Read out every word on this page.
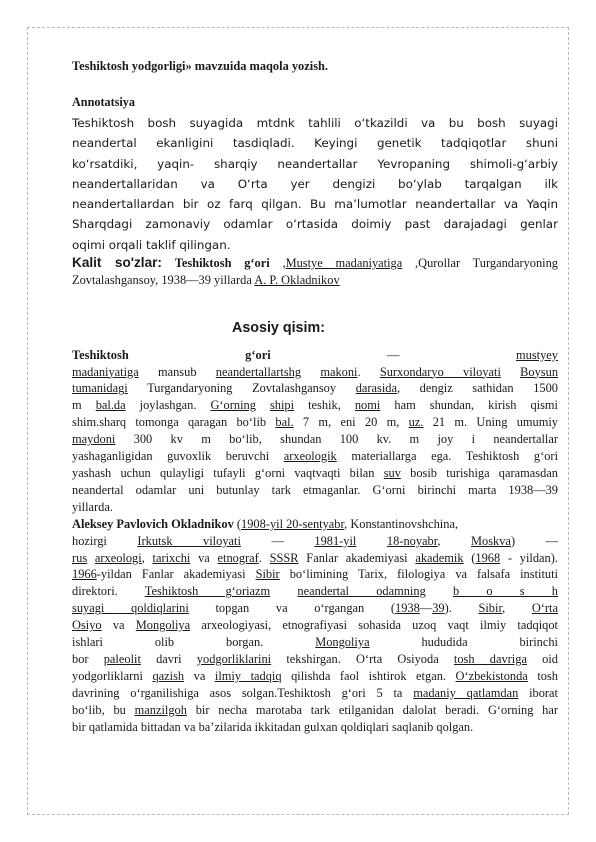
Teshiktosh yodgorligi» mavzuida maqola yozish.

Annotatsiya

Teshiktosh bosh suyagida mtdnk tahlili o‘tkazildi va bu bosh suyagi

neandertal ekanligini tasdiqladi. Keyingi genetik tadqiqotlar shuni

ko‘rsatdiki, yaqin- sharqiy neandertallar Yevropaning shimoli-g‘arbiy

neandertallaridan va O‘rta yer dengizi bo‘ylab tarqalgan ilk

neandertallardan bir oz farq qilgan. Bu ma’lumotlar neandertallar va Yaqin

Sharqdagi zamonaviy odamlar o‘rtasida doimiy past darajadagi genlar

oqimi orqali taklif qilingan.

Kalit so'zlar: Teshiktosh g‘ori ,Mustye madaniyatiga ,Qurollar Turgandaryoning Zovtalashgansoy, 1938—39 yillarda A. P. Okladnikov

Asosiy qisim:

Teshiktosh g‘ori — mustyey
madaniyatiga mansub neandertallartshg makoni. Surxondaryo viloyati Boysun
tumanidagi Turgandaryoning Zovtalashgansoy darasida, dengiz sathidan 1500
m bal.da joylashgan. G‘orning shipi teshik, nomi ham shundan, kirish qismi
shim.sharq tomonga qaragan bo‘lib bal. 7 m, eni 20 m, uz. 21 m. Uning umumiy
maydoni 300 kv m bo‘lib, shundan 100 kv. m joy i neandertallar
yashaganligidan guvoxlik beruvchi arxeologik materiallarga ega. Teshiktosh g‘ori
yashash uchun qulayligi tufayli g‘orni vaqtvaqti bilan suv bosib turishiga qaramasdan
neandertal odamlar uni butunlay tark etmaganlar. G‘orni birinchi marta 1938—39
yillarda.
Aleksey Pavlovich Okladnikov (1908-yil 20-sentyabr, Konstantinovshchina,
hozirgi Irkutsk viloyati — 1981-yil 18-noyabr, Moskva) —
rus arxeologi, tarixchi va etnograf. SSSR Fanlar akademiyasi akademik (1968 - yildan).
1966-yildan Fanlar akademiyasi Sibir bo‘limining Tarix, filologiya va falsafa instituti
direktori. Teshiktosh g‘oriazm neandertal odamning b o s h
suyagi qoldiqlarini topgan va o‘rgangan (1938—39). Sibir, O‘rta
Osiyo va Mongoliya arxeologiyasi, etnografiyasi sohasida uzoq vaqt ilmiy tadqiqot
ishlari olib borgan. Mongoliya hududida birinchi
bor paleolit davri yodgorliklarini tekshirgan. O‘rta Osiyoda tosh davriga oid
yodgorliklarni qazish va ilmiy tadqiq qilishda faol ishtirok etgan. O‘zbekistonda tosh
davrining o‘rganilishiga asos solgan.Teshiktosh g‘ori 5 ta madaniy qatlamdan iborat
bo‘lib, bu manzilgoh bir necha marotaba tark etilganidan dalolat beradi. G‘orning har
bir qatlamida bittadan va ba’zilarida ikkitadan gulxan qoldiqlari saqlanib qolgan.
